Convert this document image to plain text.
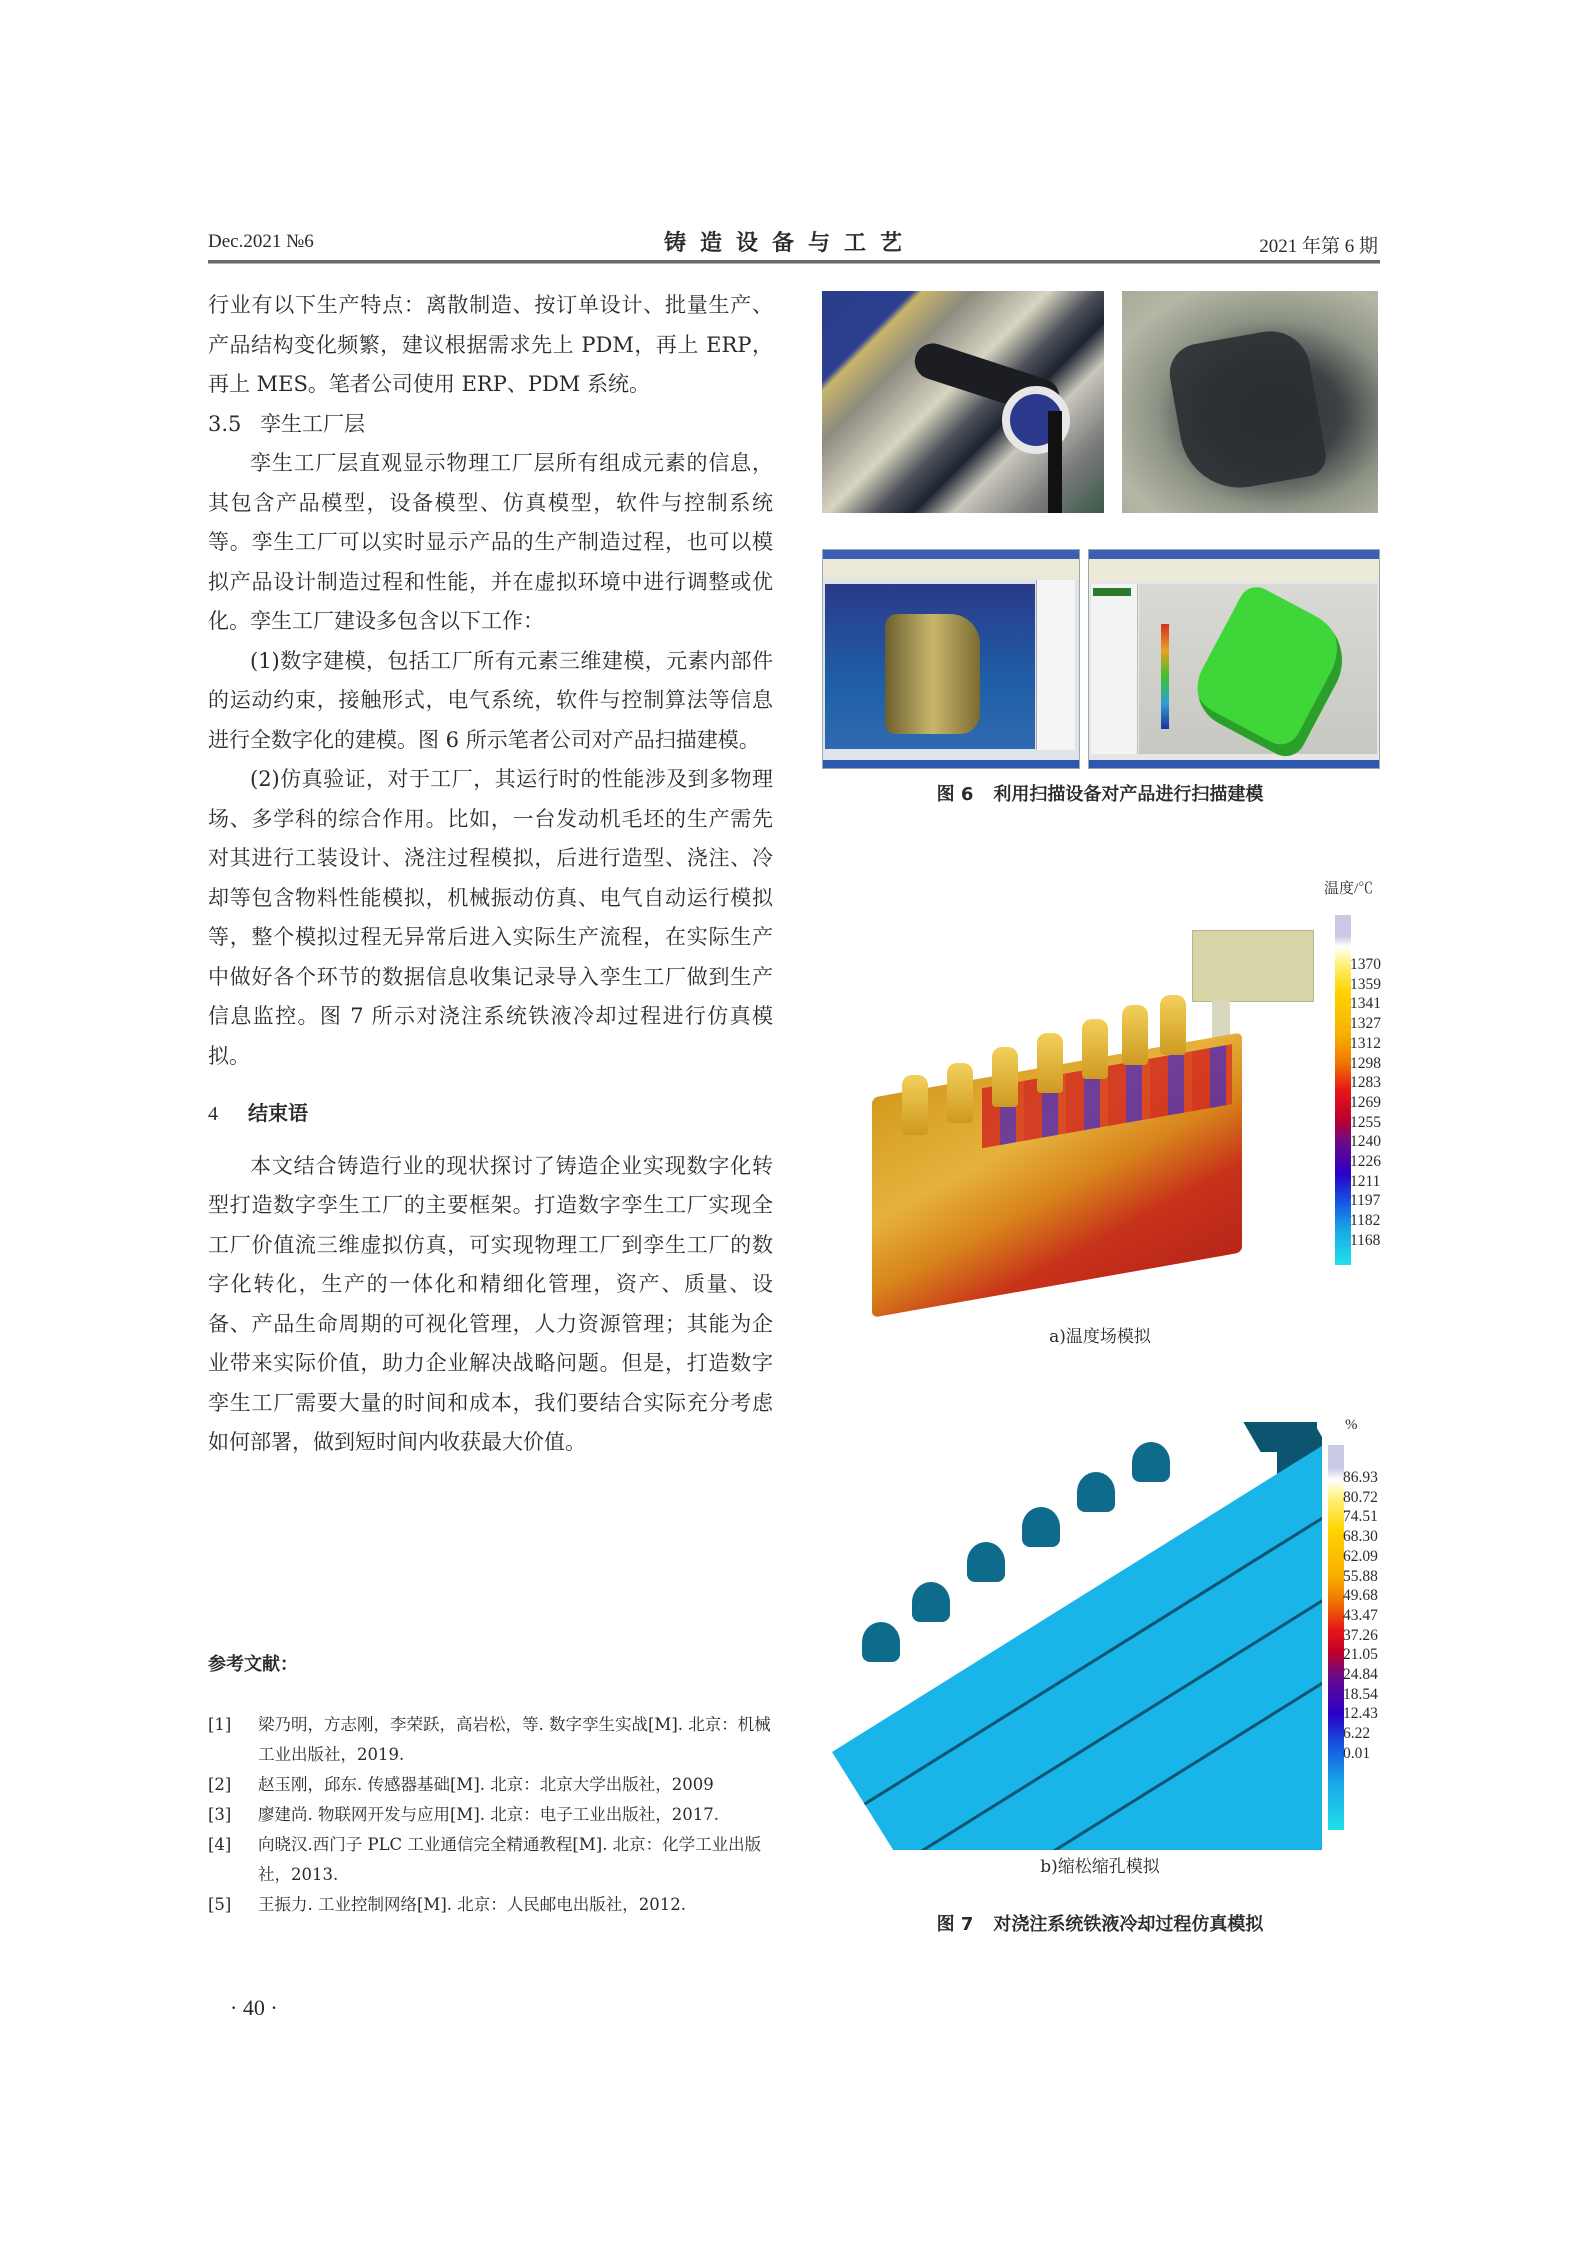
Dec.2021 №6	铸造设备与工艺	2021 年第 6 期

行业有以下生产特点：离散制造、按订单设计、批量生产、产品结构变化频繁，建议根据需求先上 PDM，再上 ERP，再上 MES。笔者公司使用 ERP、PDM 系统。

3.5 孪生工厂层

孪生工厂层直观显示物理工厂层所有组成元素的信息，其包含产品模型，设备模型、仿真模型，软件与控制系统等。孪生工厂可以实时显示产品的生产制造过程，也可以模拟产品设计制造过程和性能，并在虚拟环境中进行调整或优化。孪生工厂建设多包含以下工作：

(1)数字建模，包括工厂所有元素三维建模，元素内部件的运动约束，接触形式，电气系统，软件与控制算法等信息进行全数字化的建模。图 6 所示笔者公司对产品扫描建模。

(2)仿真验证，对于工厂，其运行时的性能涉及到多物理场、多学科的综合作用。比如，一台发动机毛坯的生产需先对其进行工装设计、浇注过程模拟，后进行造型、浇注、冷却等包含物料性能模拟，机械振动仿真、电气自动运行模拟等，整个模拟过程无异常后进入实际生产流程，在实际生产中做好各个环节的数据信息收集记录导入孪生工厂做到生产信息监控。图 7 所示对浇注系统铁液冷却过程进行仿真模拟。

4 结束语

本文结合铸造行业的现状探讨了铸造企业实现数字化转型打造数字孪生工厂的主要框架。打造数字孪生工厂实现全工厂价值流三维虚拟仿真，可实现物理工厂到孪生工厂的数字化转化，生产的一体化和精细化管理，资产、质量、设备、产品生命周期的可视化管理，人力资源管理；其能为企业带来实际价值，助力企业解决战略问题。但是，打造数字孪生工厂需要大量的时间和成本，我们要结合实际充分考虑如何部署，做到短时间内收获最大价值。

参考文献：
[1]	梁乃明，方志刚，李荣跃，高岩松，等. 数字孪生实战[M]. 北京：机械工业出版社，2019.
[2]	赵玉刚，邱东. 传感器基础[M]. 北京：北京大学出版社，2009
[3]	廖建尚. 物联网开发与应用[M]. 北京：电子工业出版社，2017.
[4]	向晓汉.西门子 PLC 工业通信完全精通教程[M]. 北京：化学工业出版社，2013.
[5]	王振力. 工业控制网络[M]. 北京：人民邮电出版社，2012.
· 40 ·
图 6 利用扫描设备对产品进行扫描建模
温度/℃
1370
1359
1341
1327
1312
1298
1283
1269
1255
1240
1226
1211
1197
1182
1168
a)温度场模拟
%
86.93
80.72
74.51
68.30
62.09
55.88
49.68
43.47
37.26
21.05
24.84
18.54
12.43
6.22
0.01
b)缩松缩孔模拟
图 7 对浇注系统铁液冷却过程仿真模拟
